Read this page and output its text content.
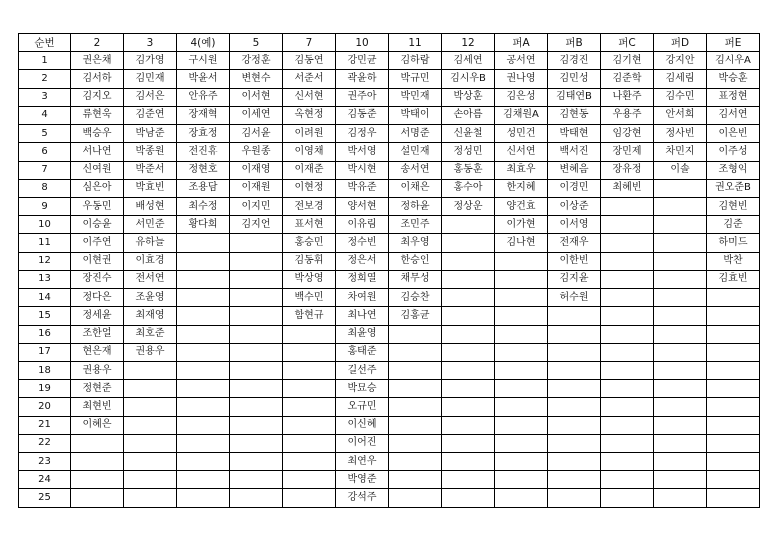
순번	2	3	4(예)	5	7	10	11	12	퍼A	퍼B	퍼C	퍼D	퍼E
1	권은채	김가영	구시원	강정훈	김동연	강민균	김하람	김세연	공서연	김경진	김기현	강지안	김시우A
2	김서하	김민재	박윤서	변현수	서준서	곽윤하	박규민	김시우B	권나영	김민성	김준학	김세림	박승훈
3	김지오	김서은	안유주	이서현	신서현	권주아	박민재	박상훈	김은성	김태연B	나환주	김수민	표정현
4	류현욱	김준연	장재혁	이세연	옥현정	김동준	박태이	손아름	김채원A	김현동	우용주	안서희	김서연
5	백승우	박남준	장효정	김서윤	이려원	김정우	서명준	신윤철	성민건	박태현	임강현	정사빈	이은빈
6	서나연	박종원	전진휴	우원종	이영채	박서영	설민재	정성민	신서연	백서진	장민제	차민지	이주성
7	신여원	박준서	정현호	이재영	이재준	박시현	송서연	홍동훈	최효우	변혜음	장유정	이솔	조형익
8	심은아	박효빈	조용담	이재원	이현정	박유준	이채은	홍수아	한지혜	이경민	최혜빈		권오준B
9	우동민	배성현	최수정	이지민	전보경	양서현	정하윤	정상운	양건효	이상준			김현빈
10	이승윤	서민준	황다희	김지언	표서현	이유림	조민주		이가현	이서영			김준
11	이주연	유하늘			홍승민	정수빈	최우영		김나현	전재우			하미드
12	이현권	이효경			김동휘	정은서	한승인			이한빈			박찬
13	장진수	전서연			박상영	정희열	채무성			김지윤			김효빈
14	정다은	조윤영			백수민	차여원	김승찬			허수원			
15	정세윤	최재영			함현규	최나연	김홍균						
16	조한얼	최호준				최윤영							
17	현은재	권용우				홍태준							
18	권용우					길선주							
19	정현준					박묘승							
20	최현빈					오규민							
21	이혜은					이신혜							
22						이어진							
23						최연우							
24						박영준							
25						강석주							
